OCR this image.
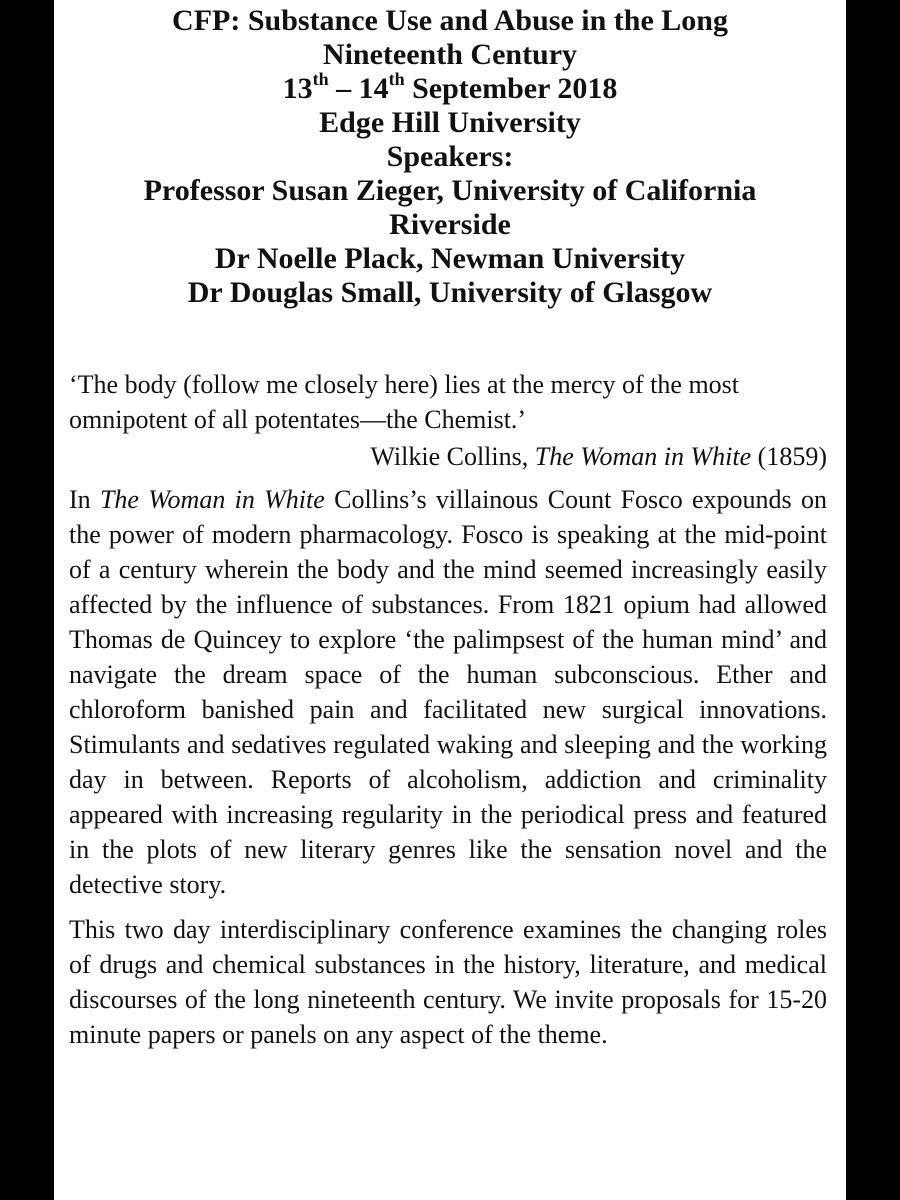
CFP: Substance Use and Abuse in the Long
Nineteenth Century
13th – 14th September 2018
Edge Hill University
Speakers:
Professor Susan Zieger, University of California
Riverside
Dr Noelle Plack, Newman University
Dr Douglas Small, University of Glasgow

‘The body (follow me closely here) lies at the mercy of the most omnipotent of all potentates—the Chemist.’

Wilkie Collins, The Woman in White (1859)

In The Woman in White Collins’s villainous Count Fosco expounds on the power of modern pharmacology. Fosco is speaking at the mid-point of a century wherein the body and the mind seemed increasingly easily affected by the influence of substances. From 1821 opium had allowed Thomas de Quincey to explore ‘the palimpsest of the human mind’ and navigate the dream space of the human subconscious. Ether and chloroform banished pain and facilitated new surgical innovations. Stimulants and sedatives regulated waking and sleeping and the working day in between. Reports of alcoholism, addiction and criminality appeared with increasing regularity in the periodical press and featured in the plots of new literary genres like the sensation novel and the detective story.

This two day interdisciplinary conference examines the changing roles of drugs and chemical substances in the history, literature, and medical discourses of the long nineteenth century. We invite proposals for 15-20 minute papers or panels on any aspect of the theme.
